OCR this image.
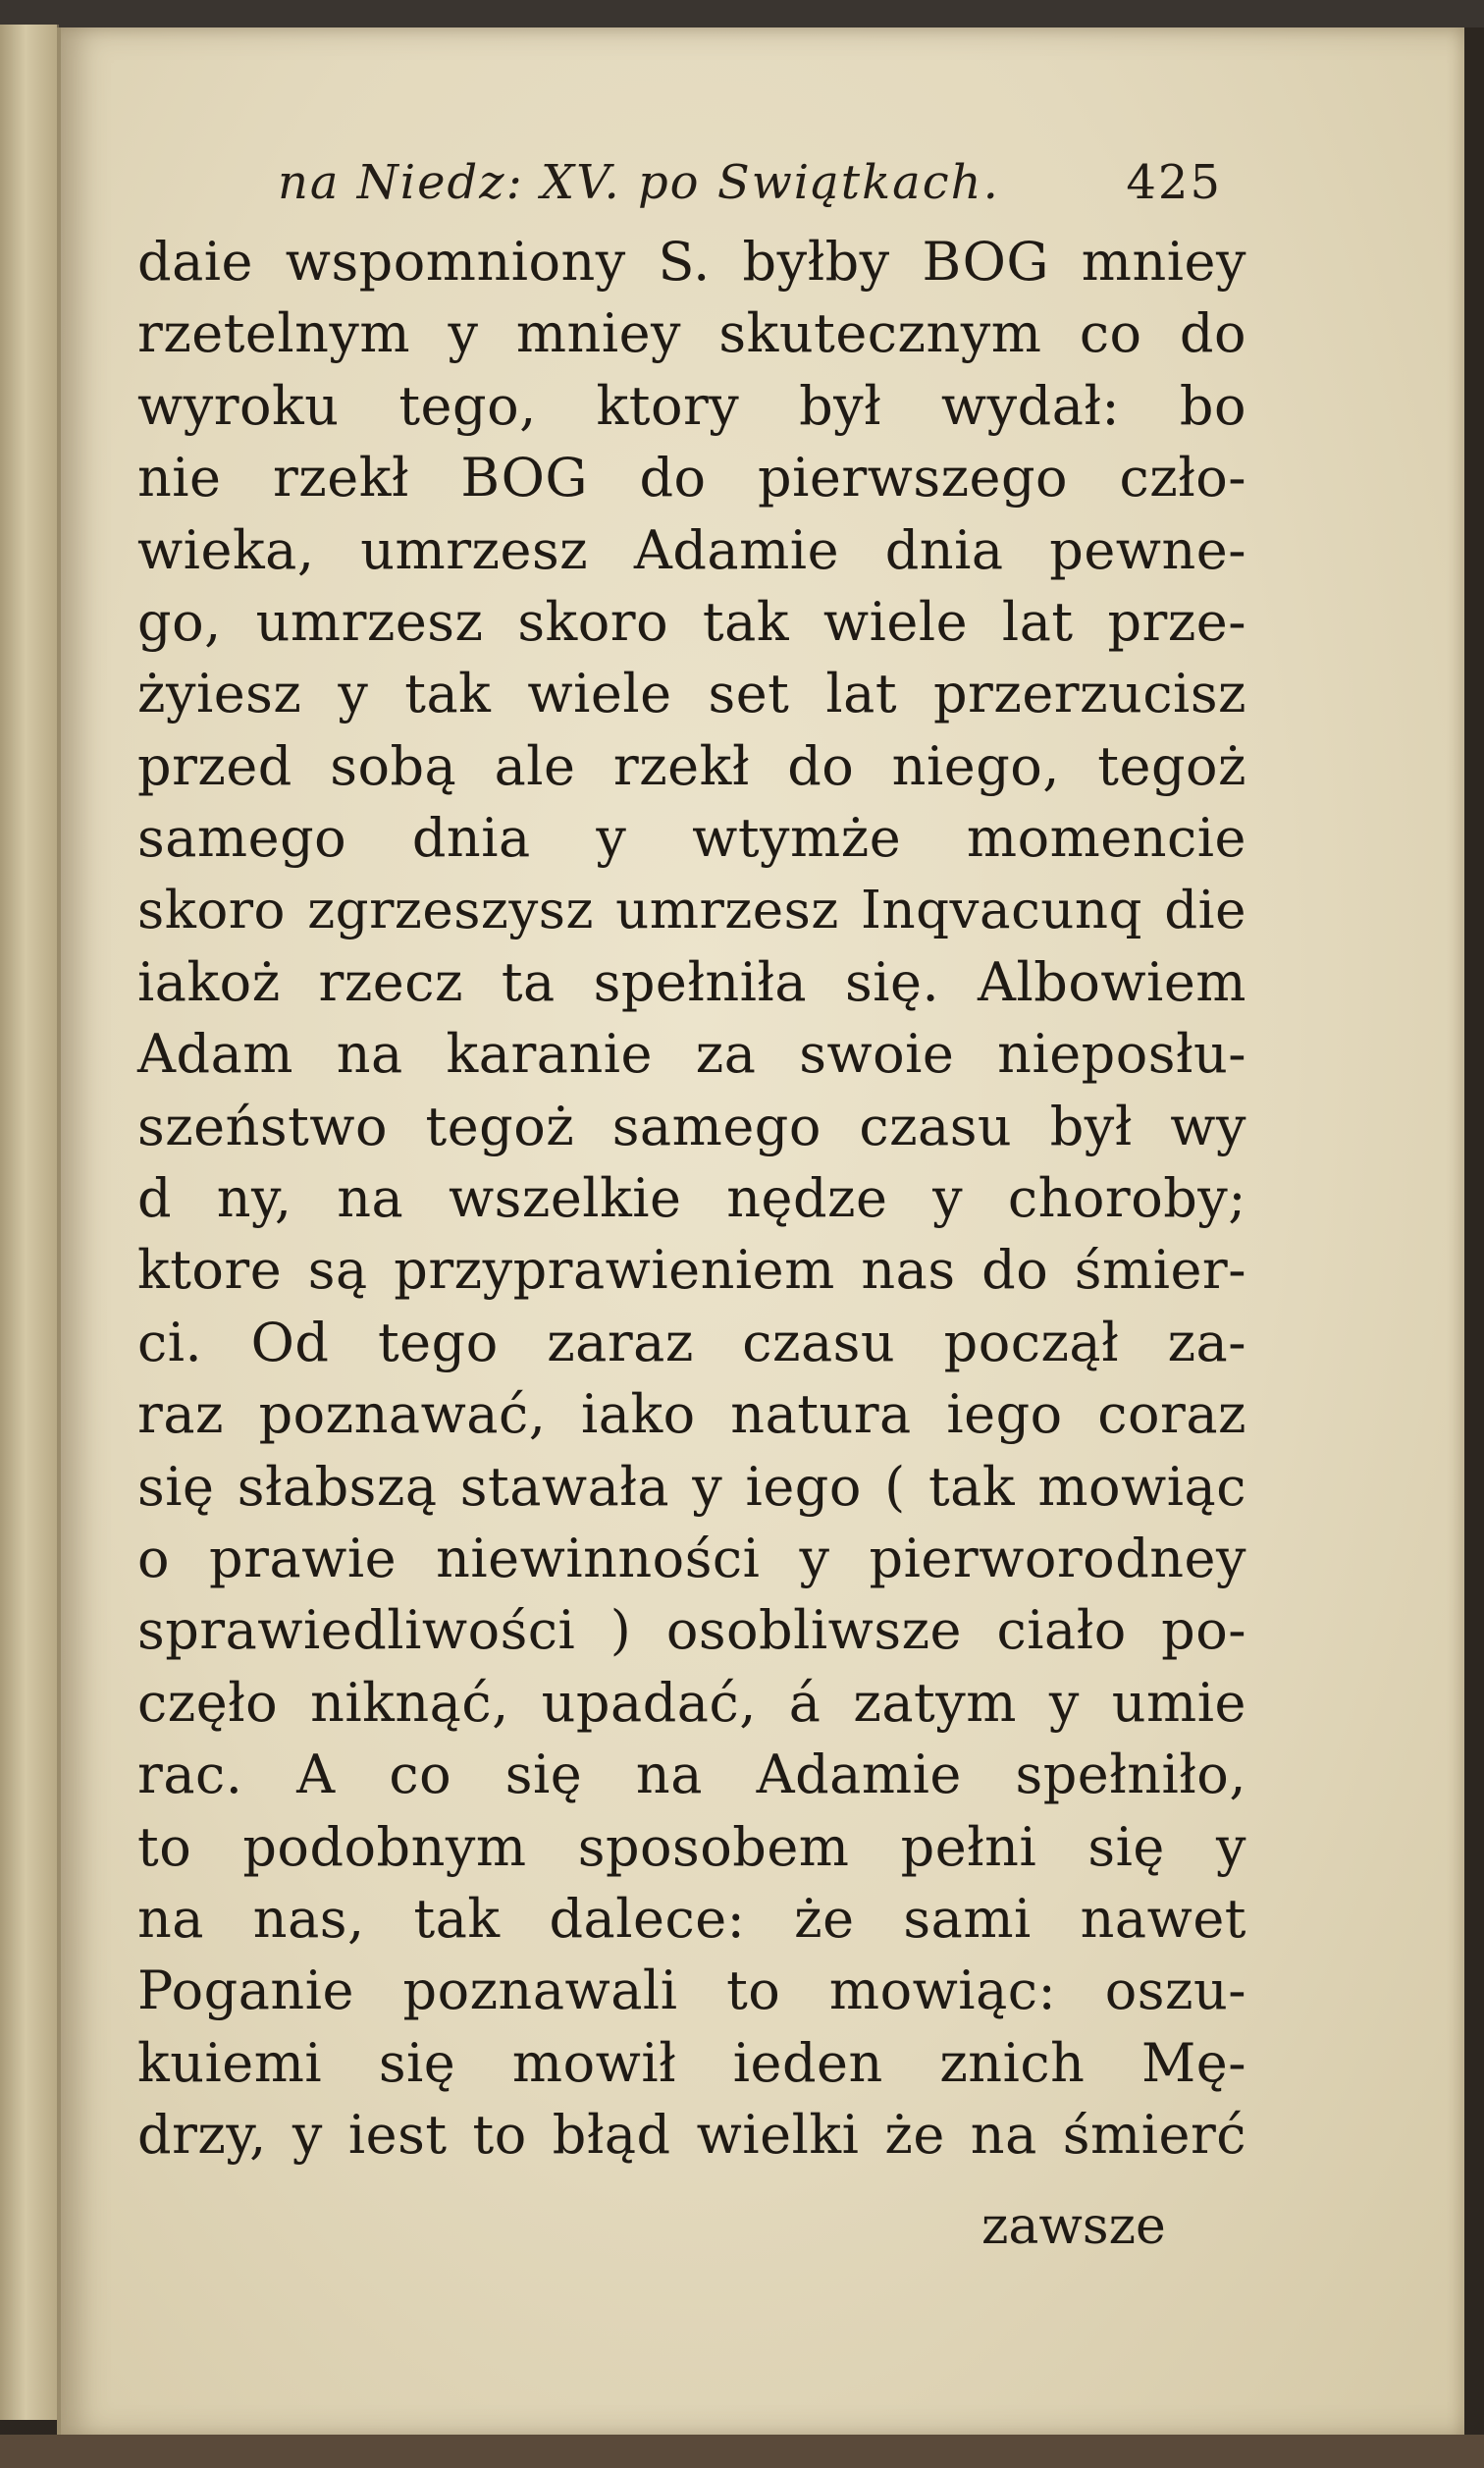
na Niedz: XV. po Swiątkach.	425
daie wspomniony S. byłby BOG mniey
rzetelnym y mniey skutecznym co do
wyroku tego, ktory był wydał: bo
nie rzekł BOG do pierwszego czło-
wieka, umrzesz Adamie dnia pewne-
go, umrzesz skoro tak wiele lat prze-
żyiesz y tak wiele set lat przerzucisz
przed sobą ale rzekł do niego, tegoż
samego dnia y wtymże momencie
skoro zgrzeszysz umrzesz Inqvacunq die
iakoż rzecz ta spełniła się. Albowiem
Adam na karanie za swoie nieposłu-
szeństwo tegoż samego czasu był wy
d ny, na wszelkie nędze y choroby;
ktore są przyprawieniem nas do śmier-
ci. Od tego zaraz czasu począł za-
raz poznawać, iako natura iego coraz
się słabszą stawała y iego ( tak mowiąc
o prawie niewinności y pierworodney
sprawiedliwości ) osobliwsze ciało po-
częło niknąć, upadać, á zatym y umie
rac. A co się na Adamie spełniło,
to podobnym sposobem pełni się y
na nas, tak dalece: że sami nawet
Poganie poznawali to mowiąc: oszu-
kuiemi się mowił ieden znich Mę-
drzy, y iest to błąd wielki że na śmierć
zawsze
